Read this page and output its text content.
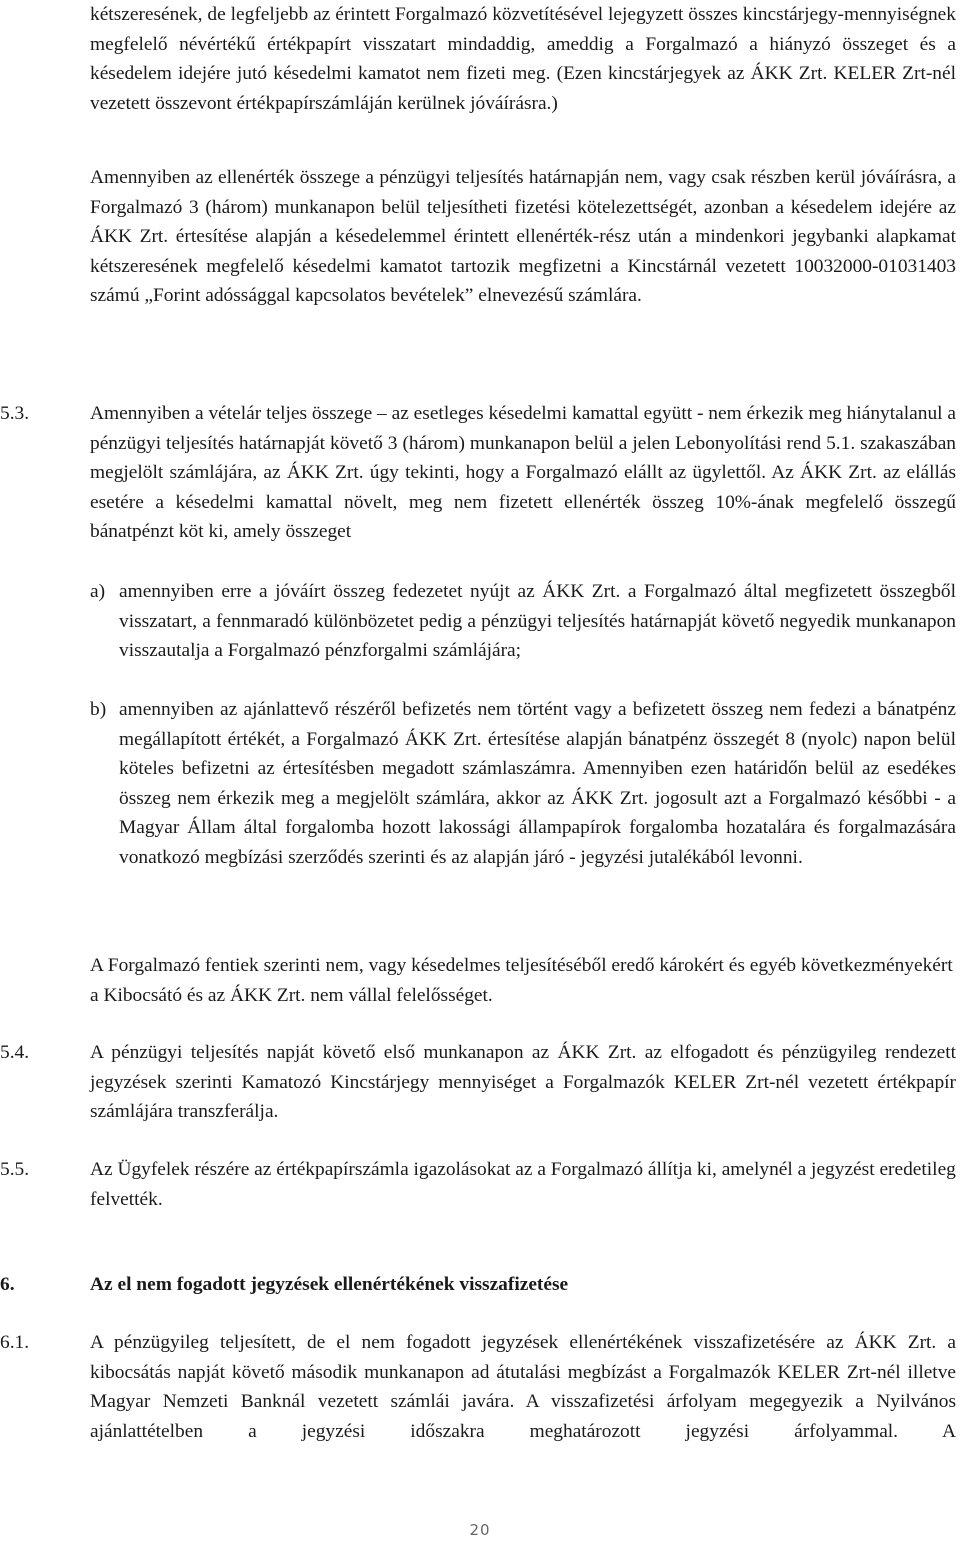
kétszeresének, de legfeljebb az érintett Forgalmazó közvetítésével lejegyzett összes kincstárjegy-mennyiségnek megfelelő névértékű értékpapírt visszatart mindaddig, ameddig a Forgalmazó a hiányzó összeget és a késedelem idejére jutó késedelmi kamatot nem fizeti meg. (Ezen kincstárjegyek az ÁKK Zrt. KELER Zrt-nél vezetett összevont értékpapírszámláján kerülnek jóváírásra.)

Amennyiben az ellenérték összege a pénzügyi teljesítés határnapján nem, vagy csak részben kerül jóváírásra, a Forgalmazó 3 (három) munkanapon belül teljesítheti fizetési kötelezettségét, azonban a késedelem idejére az ÁKK Zrt. értesítése alapján a késedelemmel érintett ellenérték-rész után a mindenkori jegybanki alapkamat kétszeresének megfelelő késedelmi kamatot tartozik megfizetni a Kincstárnál vezetett 10032000-01031403 számú „Forint adóssággal kapcsolatos bevételek” elnevezésű számlára.

5.3.	Amennyiben a vételár teljes összege – az esetleges késedelmi kamattal együtt - nem érkezik meg hiánytalanul a pénzügyi teljesítés határnapját követő 3 (három) munkanapon belül a jelen Lebonyolítási rend 5.1. szakaszában megjelölt számlájára, az ÁKK Zrt. úgy tekinti, hogy a Forgalmazó elállt az ügylettől. Az ÁKK Zrt. az elállás esetére a késedelmi kamattal növelt, meg nem fizetett ellenérték összeg 10%-ának megfelelő összegű bánatpénzt köt ki, amely összeget

a) amennyiben erre a jóváírt összeg fedezetet nyújt az ÁKK Zrt. a Forgalmazó által megfizetett összegből visszatart, a fennmaradó különbözetet pedig a pénzügyi teljesítés határnapját követő negyedik munkanapon visszautalja a Forgalmazó pénzforgalmi számlájára;
b) amennyiben az ajánlattevő részéről befizetés nem történt vagy a befizetett összeg nem fedezi a bánatpénz megállapított értékét, a Forgalmazó ÁKK Zrt. értesítése alapján bánatpénz összegét 8 (nyolc) napon belül köteles befizetni az értesítésben megadott számlaszámra. Amennyiben ezen határidőn belül az esedékes összeg nem érkezik meg a megjelölt számlára, akkor az ÁKK Zrt. jogosult azt a Forgalmazó későbbi - a Magyar Állam által forgalomba hozott lakossági állampapírok forgalomba hozatalára és forgalmazására vonatkozó megbízási szerződés szerinti és az alapján járó - jegyzési jutalékából levonni.

A Forgalmazó fentiek szerinti nem, vagy késedelmes teljesítéséből eredő károkért és egyéb következményekért a Kibocsátó és az ÁKK Zrt. nem vállal felelősséget.

5.4.	A pénzügyi teljesítés napját követő első munkanapon az ÁKK Zrt. az elfogadott és pénzügyileg rendezett jegyzések szerinti Kamatozó Kincstárjegy mennyiséget a Forgalmazók KELER Zrt-nél vezetett értékpapír számlájára transzferálja.

5.5.	Az Ügyfelek részére az értékpapírszámla igazolásokat az a Forgalmazó állítja ki, amelynél a jegyzést eredetileg felvették.

6.	Az el nem fogadott jegyzések ellenértékének visszafizetése
6.1.	A pénzügyileg teljesített, de el nem fogadott jegyzések ellenértékének visszafizetésére az ÁKK Zrt. a kibocsátás napját követő második munkanapon ad átutalási megbízást a Forgalmazók KELER Zrt-nél illetve Magyar Nemzeti Banknál vezetett számlái javára. A visszafizetési árfolyam megegyezik a Nyilvános ajánlattételben a jegyzési időszakra meghatározott jegyzési árfolyammal. A

20
